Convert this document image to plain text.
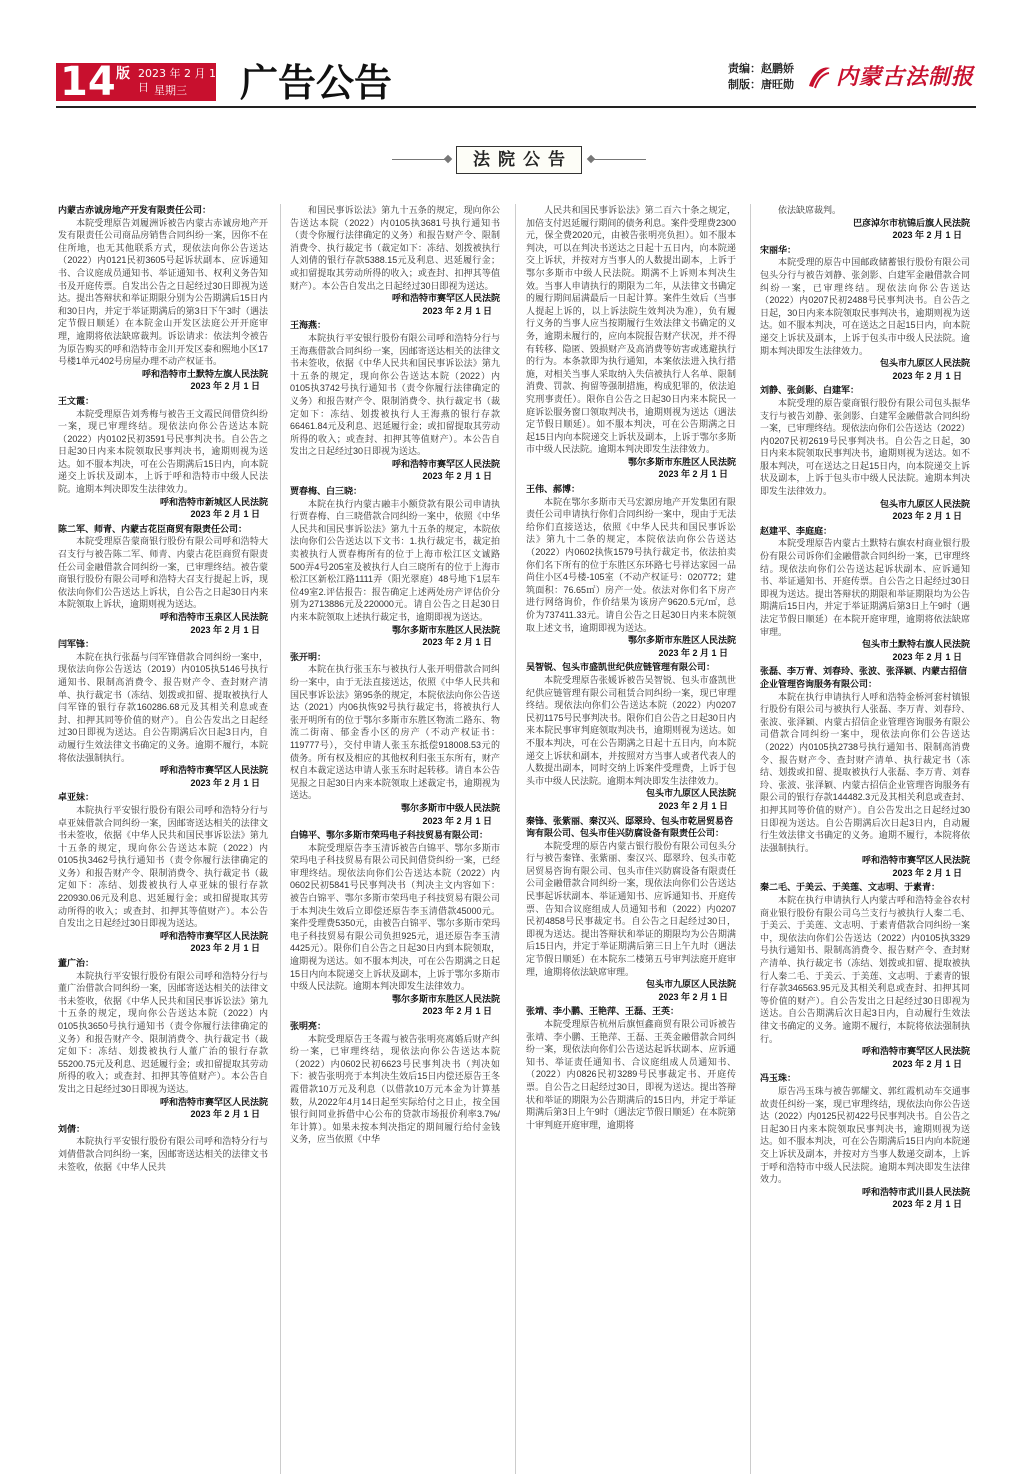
14 版 2023 年 2 月 1 日 星期三	广告公告	责编：赵鹏娇
制版：唐旺勋	内蒙古法制报
法院公告

内蒙古赤诚房地产开发有限责任公司：

本院受理原告刘履洲诉被告内蒙古赤诚房地产开发有限责任公司商品房销售合同纠纷一案，因你不在住所地，也无其他联系方式，现依法向你公告送达（2022）内0121民初3605号起诉状副本、应诉通知书、合议庭成员通知书、举证通知书、权利义务告知书及开庭传票。自发出公告之日起经过30日即视为送达。提出答辩状和举证期限分别为公告期满后15日内和30日内，并定于举证期满后的第3日下午3时（遇法定节假日顺延）在本院金山开发区法庭公开开庭审理，逾期将依法缺席裁判。诉讼请求：依法判令被告为原告购买的呼和浩特市金川开发区泰和熙地小区17号楼1单元402号房屋办理不动产权证书。

呼和浩特市土默特左旗人民法院

2023 年 2 月 1 日

王文霞：

本院受理原告刘秀梅与被告王文霞民间借贷纠纷一案，现已审理终结。现依法向你公告送达本院（2022）内0102民初3591号民事判决书。自公告之日起30日内来本院领取民事判决书，逾期则视为送达。如不服本判决，可在公告期满后15日内，向本院递交上诉状及副本，上诉于呼和浩特市中级人民法院。逾期本判决即发生法律效力。

呼和浩特市新城区人民法院

2023 年 2 月 1 日

陈二军、师青、内蒙古花臣商贸有限责任公司：

本院受理原告蒙商银行股份有限公司呼和浩特大召支行与被告陈二军、师青、内蒙古花臣商贸有限责任公司金融借款合同纠纷一案，已审理终结。被告蒙商银行股份有限公司呼和浩特大召支行提起上诉，现依法向你们公告送达上诉状，自公告之日起30日内来本院领取上诉状，逾期则视为送达。

呼和浩特市玉泉区人民法院

2023 年 2 月 1 日

闫军锋：

本院在执行张磊与闫军锋借款合同纠纷一案中，现依法向你公告送达（2019）内0105执5146号执行通知书、限制高消费令、报告财产令、查封财产清单、执行裁定书（冻结、划拨或扣留、提取被执行人闫军锋的银行存款160286.68元及其相关利息或查封、扣押其同等价值的财产）。自公告发出之日起经过30日即视为送达。自公告期满后次日起3日内，自动履行生效法律文书确定的义务。逾期不履行，本院将依法强制执行。

呼和浩特市赛罕区人民法院

2023 年 2 月 1 日

卓亚妹：

本院执行平安银行股份有限公司呼和浩特分行与卓亚妹借款合同纠纷一案，因邮寄送达相关的法律文书未签收，依据《中华人民共和国民事诉讼法》第九十五条的规定，现向你公告送达本院（2022）内0105执3462号执行通知书（责令你履行法律确定的义务）和报告财产令、限制消费令、执行裁定书（裁定如下：冻结、划拨被执行人卓亚妹的银行存款220930.06元及利息、迟延履行金；或扣留提取其劳动所得的收入；或查封、扣押其等值财产）。本公告自发出之日起经过30日即视为送达。

呼和浩特市赛罕区人民法院

2023 年 2 月 1 日

董广治：

本院执行平安银行股份有限公司呼和浩特分行与董广治借款合同纠纷一案，因邮寄送达相关的法律文书未签收，依据《中华人民共和国民事诉讼法》第九十五条的规定，现向你公告送达本院（2022）内0105执3650号执行通知书（责令你履行法律确定的义务）和报告财产令、限制消费令、执行裁定书（裁定如下：冻结、划拨被执行人董广治的银行存款55200.75元及利息、迟延履行金；或扣留提取其劳动所得的收入；或查封、扣押其等值财产）。本公告自发出之日起经过30日即视为送达。

呼和浩特市赛罕区人民法院

2023 年 2 月 1 日

刘倩：

本院执行平安银行股份有限公司呼和浩特分行与刘倩借款合同纠纷一案，因邮寄送达相关的法律文书未签收，依据《中华人民共

和国民事诉讼法》第九十五条的规定，现向你公告送达本院（2022）内0105执3681号执行通知书（责令你履行法律确定的义务）和报告财产令、限制消费令、执行裁定书（裁定如下：冻结、划拨被执行人刘倩的银行存款5388.15元及利息、迟延履行金；或扣留提取其劳动所得的收入；或查封、扣押其等值财产）。本公告自发出之日起经过30日即视为送达。

呼和浩特市赛罕区人民法院

2023 年 2 月 1 日

王海燕：

本院执行平安银行股份有限公司呼和浩特分行与王海燕借款合同纠纷一案，因邮寄送达相关的法律文书未签收，依据《中华人民共和国民事诉讼法》第九十五条的规定，现向你公告送达本院（2022）内0105执3742号执行通知书（责令你履行法律确定的义务）和报告财产令、限制消费令、执行裁定书（裁定如下：冻结、划拨被执行人王海燕的银行存款66461.84元及利息、迟延履行金；或扣留提取其劳动所得的收入；或查封、扣押其等值财产）。本公告自发出之日起经过30日即视为送达。

呼和浩特市赛罕区人民法院

2023 年 2 月 1 日

贾春梅、白三晓：

本院在执行内蒙古融丰小额贷款有限公司申请执行贾春梅、白三晓借款合同纠纷一案中，依照《中华人民共和国民事诉讼法》第九十五条的规定，本院依法向你们公告送达以下文书：1.执行裁定书，裁定拍卖被执行人贾春梅所有的位于上海市松江区文诚路500弄4号205室及被执行人白三晓所有的位于上海市松江区新松江路1111弄（阳光翠庭）48号地下1层车位49室2.评估报告：报告确定上述两处房产评估价分别为2713886元及220000元。请自公告之日起30日内来本院领取上述执行裁定书，逾期即视为送达。

鄂尔多斯市东胜区人民法院

2023 年 2 月 1 日

张开明：

本院在执行张玉东与被执行人张开明借款合同纠纷一案中，由于无法直接送达，依照《中华人民共和国民事诉讼法》第95条的规定，本院依法向你公告送达（2021）内06执恢92号执行裁定书，将被执行人张开明所有的位于鄂尔多斯市东胜区物流二路东、物流二街南、郁金香小区的房产（不动产权证书：119777号），交付申请人张玉东抵偿918008.53元的债务。所有权及相应的其他权利归张玉东所有，财产权自本裁定送达申请人张玉东时起转移。请自本公告见报之日起30日内来本院领取上述裁定书，逾期视为送达。

鄂尔多斯市中级人民法院

2023 年 2 月 1 日

白锦平、鄂尔多斯市荣玛电子科技贸易有限公司：

本院受理原告李玉清诉被告白锦平、鄂尔多斯市荣玛电子科技贸易有限公司民间借贷纠纷一案，已经审理终结。现依法向你们公告送达本院（2022）内0602民初5841号民事判决书（判决主文内容如下：被告白锦平、鄂尔多斯市荣玛电子科技贸易有限公司于本判决生效后立即偿还原告李玉清借款45000元。案件受理费5350元，由被告白锦平、鄂尔多斯市荣玛电子科技贸易有限公司负担925元，退还原告李玉清4425元）。限你们自公告之日起30日内到本院领取，逾期视为送达。如不服本判决，可在公告期满之日起15日内向本院递交上诉状及副本，上诉于鄂尔多斯市中级人民法院。逾期本判决即发生法律效力。

鄂尔多斯市东胜区人民法院

2023 年 2 月 1 日

张明亮：

本院受理原告王冬霞与被告张明亮离婚后财产纠纷一案，已审理终结，现依法向你公告送达本院（2022）内0602民初6623号民事判决书（判决如下：被告张明亮于本判决生效后15日内偿还原告王冬霞借款10万元及利息（以借款10万元本金为计算基数，从2022年4月14日起至实际给付之日止，按全国银行间同业拆借中心公布的贷款市场报价利率3.7%/年计算）。如果未按本判决指定的期间履行给付金钱义务，应当依照《中华

人民共和国民事诉讼法》第二百六十条之规定，加倍支付迟延履行期间的债务利息。案件受理费2300元，保全费2020元，由被告张明亮负担）。如不服本判决，可以在判决书送达之日起十五日内，向本院递交上诉状，并按对方当事人的人数提出副本，上诉于鄂尔多斯市中级人民法院。期满不上诉则本判决生效。当事人申请执行的期限为二年，从法律文书确定的履行期间届满最后一日起计算。案件生效后（当事人提起上诉的，以上诉法院生效判决为准），负有履行义务的当事人应当按期履行生效法律文书确定的义务，逾期未履行的，应向本院报告财产状况，并不得有转移、隐匿、毁损财产及高消费等妨害或逃避执行的行为。本条款即为执行通知，本案依法进入执行措施，对相关当事人采取纳入失信被执行人名单、限制消费、罚款、拘留等强制措施，构成犯罪的，依法追究刑事责任）。限你自公告之日起30日内来本院民一庭诉讼服务窗口领取判决书，逾期则视为送达（遇法定节假日顺延）。如不服本判决，可在公告期满之日起15日内向本院递交上诉状及副本，上诉于鄂尔多斯市中级人民法院。逾期本判决即发生法律效力。

鄂尔多斯市东胜区人民法院

2023 年 2 月 1 日

王伟、郝博：

本院在鄂尔多斯市天马宏源房地产开发集团有限责任公司申请执行你们合同纠纷一案中，现由于无法给你们直接送达，依照《中华人民共和国民事诉讼法》第九十二条的规定，本院依法向你公告送达（2022）内0602执恢1579号执行裁定书，依法拍卖你们名下所有的位于东胜区东环路七号祥达家园一品尚住小区4号楼-105室（不动产权证号：020772；建筑面积：76.65㎡）房产一处。依法对你们名下房产进行网络询价，作价结果为该房产9620.5元/㎡，总价为737411.33元。请自公告之日起30日内来本院领取上述文书，逾期即视为送达。

鄂尔多斯市东胜区人民法院

2023 年 2 月 1 日

吴智锐、包头市盛凯世纪供应链管理有限公司：

本院受理原告张媛诉被告吴智锐、包头市盛凯世纪供应链管理有限公司租赁合同纠纷一案，现已审理终结。现依法向你们公告送达本院（2022）内0207民初1175号民事判决书。限你们自公告之日起30日内来本院民事审判庭领取判决书，逾期则视为送达。如不服本判决，可在公告期满之日起十五日内，向本院递交上诉状和副本，并按照对方当事人或者代表人的人数提出副本，同时交纳上诉案件受理费，上诉于包头市中级人民法院。逾期本判决即发生法律效力。

包头市九原区人民法院

2023 年 2 月 1 日

秦锋、张紫丽、秦汉兴、邸翠玲、包头市乾居贸易咨询有限公司、包头市佳兴防腐设备有限责任公司：

本院受理的原告内蒙古银行股份有限公司包头分行与被告秦锋、张紫丽、秦汉兴、邸翠玲、包头市乾居贸易咨询有限公司、包头市佳兴防腐设备有限责任公司金融借款合同纠纷一案，现依法向你们公告送达民事起诉状副本、举证通知书、应诉通知书、开庭传票、告知合议庭组成人员通知书和（2022）内0207民初4858号民事裁定书。自公告之日起经过30日，即视为送达。提出答辩状和举证的期限均为公告期满后15日内，并定于举证期满后第三日上午九时（遇法定节假日顺延）在本院东二楼第五号审判法庭开庭审理，逾期将依法缺席审理。

包头市九原区人民法院

2023 年 2 月 1 日

张靖、李小鹏、王艳萍、王磊、王英：

本院受理原告杭州后旗恒鑫商贸有限公司诉被告张靖、李小鹏、王艳萍、王磊、王英金融借款合同纠纷一案，现依法向你们公告送达起诉状副本、应诉通知书、举证责任通知书、合议庭组成人员通知书、（2022）内0826民初3289号民事裁定书、开庭传票。自公告之日起经过30日，即视为送达。提出答辩状和举证的期限为公告期满后的15日内，并定于举证期满后第3日上午9时（遇法定节假日顺延）在本院第十审判庭开庭审理，逾期将

依法缺席裁判。

巴彦淖尔市杭锦后旗人民法院

2023 年 2 月 1 日

宋丽华：

本院受理的原告中国邮政储蓄银行股份有限公司包头分行与被告刘静、张剑影、白建军金融借款合同纠纷一案，已审理终结。现依法向你公告送达（2022）内0207民初2488号民事判决书。自公告之日起，30日内来本院领取民事判决书，逾期则视为送达。如不服本判决，可在送达之日起15日内，向本院递交上诉状及副本，上诉于包头市中级人民法院。逾期本判决即发生法律效力。

包头市九原区人民法院

2023 年 2 月 1 日

刘静、张剑影、白建军：

本院受理的原告蒙商银行股份有限公司包头振华支行与被告刘静、张剑影、白建军金融借款合同纠纷一案，已审理终结。现依法向你们公告送达（2022）内0207民初2619号民事判决书。自公告之日起，30日内来本院领取民事判决书，逾期则视为送达。如不服本判决，可在送达之日起15日内，向本院递交上诉状及副本，上诉于包头市中级人民法院。逾期本判决即发生法律效力。

包头市九原区人民法院

2023 年 2 月 1 日

赵建平、李庭庭：

本院受理原告内蒙古土默特右旗农村商业银行股份有限公司诉你们金融借款合同纠纷一案，已审理终结。现依法向你们公告送达起诉状副本、应诉通知书、举证通知书、开庭传票。自公告之日起经过30日即视为送达。提出答辩状的期限和举证期限均为公告期满后15日内，并定于举证期满后第3日上午9时（遇法定节假日顺延）在本院开庭审理，逾期将依法缺席审理。

包头市土默特右旗人民法院

2023 年 2 月 1 日

张磊、李万青、刘春玲、张波、张泽颖、内蒙古招信企业管理咨询服务有限公司：

本院在执行申请执行人呼和浩特金桥河套村镇银行股份有限公司与被执行人张磊、李万青、刘春玲、张波、张泽颖、内蒙古招信企业管理咨询服务有限公司借款合同纠纷一案中，现依法向你们公告送达（2022）内0105执2738号执行通知书、限制高消费令、报告财产令、查封财产清单、执行裁定书（冻结、划拨或扣留、提取被执行人张磊、李万青、刘春玲、张波、张泽颖、内蒙古招信企业管理咨询服务有限公司的银行存款144482.3元及其相关利息或查封、扣押其同等价值的财产）。自公告发出之日起经过30日即视为送达。自公告期满后次日起3日内，自动履行生效法律文书确定的义务。逾期不履行，本院将依法强制执行。

呼和浩特市赛罕区人民法院

2023 年 2 月 1 日

秦二毛、于美云、于美莲、文志明、于素青：

本院在执行申请执行人内蒙古呼和浩特金谷农村商业银行股份有限公司乌兰支行与被执行人秦二毛、于美云、于美莲、文志明、于素青借款合同纠纷一案中，现依法向你们公告送达（2022）内0105执3329号执行通知书、限制高消费令、报告财产令、查封财产清单、执行裁定书（冻结、划拨或扣留、提取被执行人秦二毛、于美云、于美莲、文志明、于素青的银行存款346563.95元及其相关利息或查封、扣押其同等价值的财产）。自公告发出之日起经过30日即视为送达。自公告期满后次日起3日内，自动履行生效法律文书确定的义务。逾期不履行，本院将依法强制执行。

呼和浩特市赛罕区人民法院

2023 年 2 月 1 日

冯玉珠：

原告冯玉珠与被告郭耀文、郭红霞机动车交通事故责任纠纷一案，现已审理终结，现依法向你公告送达（2022）内0125民初422号民事判决书。自公告之日起30日内来本院领取民事判决书，逾期则视为送达。如不服本判决，可在公告期满后15日内向本院递交上诉状及副本，并按对方当事人数递交副本，上诉于呼和浩特市中级人民法院。逾期本判决即发生法律效力。

呼和浩特市武川县人民法院

2023 年 2 月 1 日
